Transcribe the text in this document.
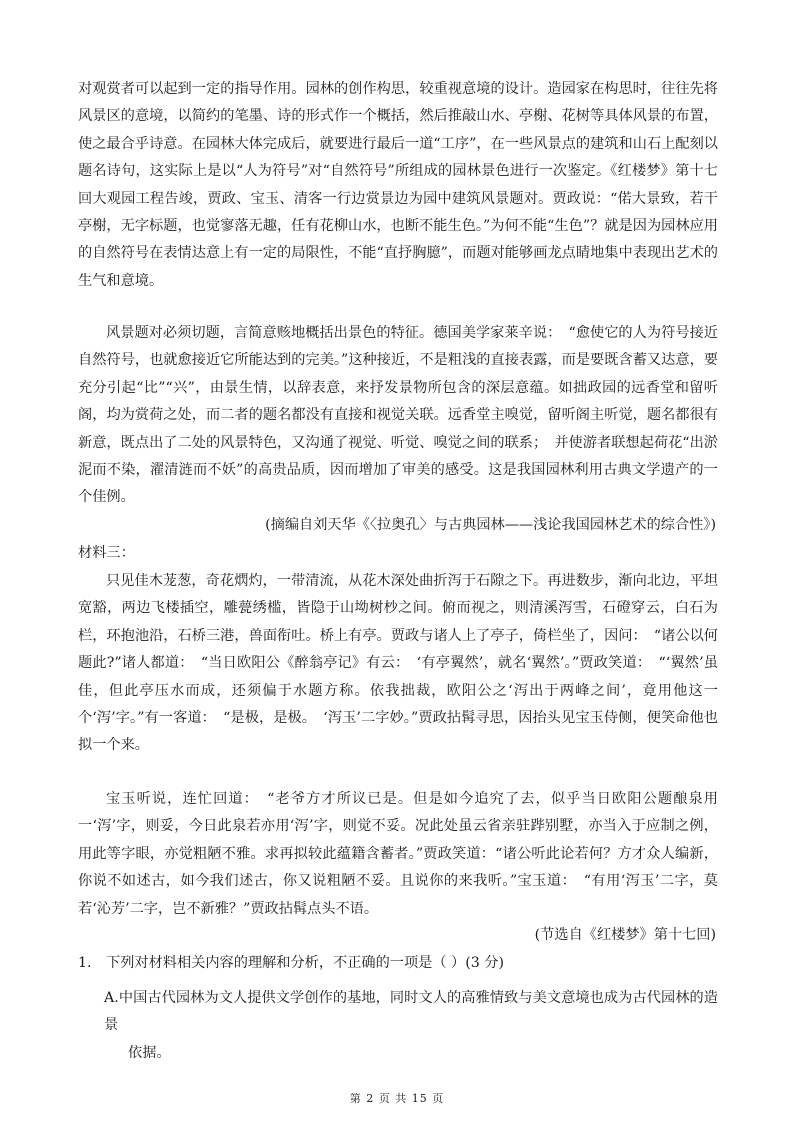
对观赏者可以起到一定的指导作用。园林的创作构思，较重视意境的设计。造园家在构思时，往往先将风景区的意境，以简约的笔墨、诗的形式作一个概括，然后推敲山水、亭榭、花树等具体风景的布置，使之最合乎诗意。在园林大体完成后，就要进行最后一道“工序”，在一些风景点的建筑和山石上配刻以题名诗句，这实际上是以“人为符号”对“自然符号”所组成的园林景色进行一次鉴定。《红楼梦》第十七回大观园工程告竣，贾政、宝玉、清客一行边赏景边为园中建筑风景题对。贾政说：“偌大景致，若干亭榭，无字标题，也觉寥落无趣，任有花柳山水，也断不能生色。”为何不能“生色”？就是因为园林应用的自然符号在表情达意上有一定的局限性，不能“直抒胸臆”，而题对能够画龙点睛地集中表现出艺术的生气和意境。

风景题对必须切题，言简意赅地概括出景色的特征。德国美学家莱辛说：　“愈使它的人为符号接近自然符号，也就愈接近它所能达到的完美。”这种接近，不是粗浅的直接表露，而是要既含蓄又达意，要充分引起“比”“兴”，由景生情，以辞表意，来抒发景物所包含的深层意蕴。如拙政园的远香堂和留听阁，均为赏荷之处，而二者的题名都没有直接和视觉关联。远香堂主嗅觉，留听阁主听觉，题名都很有新意，既点出了二处的风景特色，又沟通了视觉、听觉、嗅觉之间的联系；　并使游者联想起荷花“出淤泥而不染，濯清涟而不妖”的高贵品质，因而增加了审美的感受。这是我国园林利用古典文学遗产的一个佳例。

(摘编自刘天华《〈拉奥孔〉与古典园林——浅论我国园林艺术的综合性》)

材料三：

只见佳木茏葱，奇花熌灼，一带清流，从花木深处曲折泻于石隙之下。再进数步，渐向北边，平坦宽豁，两边飞楼插空，雕甍绣槛，皆隐于山坳树杪之间。俯而视之，则清溪泻雪，石磴穿云，白石为栏，环抱池沿，石桥三港，兽面衔吐。桥上有亭。贾政与诸人上了亭子，倚栏坐了，因问：　“诸公以何题此?”诸人都道：　“当日欧阳公《醉翁亭记》有云：　‘有亭翼然’，就名‘翼然’。”贾政笑道：　“‘翼然’虽佳，但此亭压水而成，还须偏于水题方称。依我拙裁，欧阳公之‘泻出于两峰之间’，竟用他这一个‘泻’字。”有一客道：　“是极，是极。　‘泻玉’二字妙。”贾政拈髯寻思，因抬头见宝玉侍侧，便笑命他也拟一个来。

宝玉听说，连忙回道：　“老爷方才所议已是。但是如今追究了去，似乎当日欧阳公题酿泉用一‘泻’字，则妥，今日此泉若亦用‘泻’字，则觉不妥。况此处虽云省亲驻跸别墅，亦当入于应制之例，用此等字眼，亦觉粗陋不雅。求再拟较此蕴籍含蓄者。”贾政笑道：“诸公听此论若何？方才众人编新，你说不如述古，如今我们述古，你又说粗陋不妥。且说你的来我听。”宝玉道：　“有用‘泻玉’二字，莫若‘沁芳’二字，岂不新雅？”贾政拈髯点头不语。

(节选自《红楼梦》第十七回)

1. 下列对材料相关内容的理解和分析，不正确的一项是（ ）(3 分)

A.中国古代园林为文人提供文学创作的基地，同时文人的高雅情致与美文意境也成为古代园林的造景
依据。

第 2 页 共 15 页
